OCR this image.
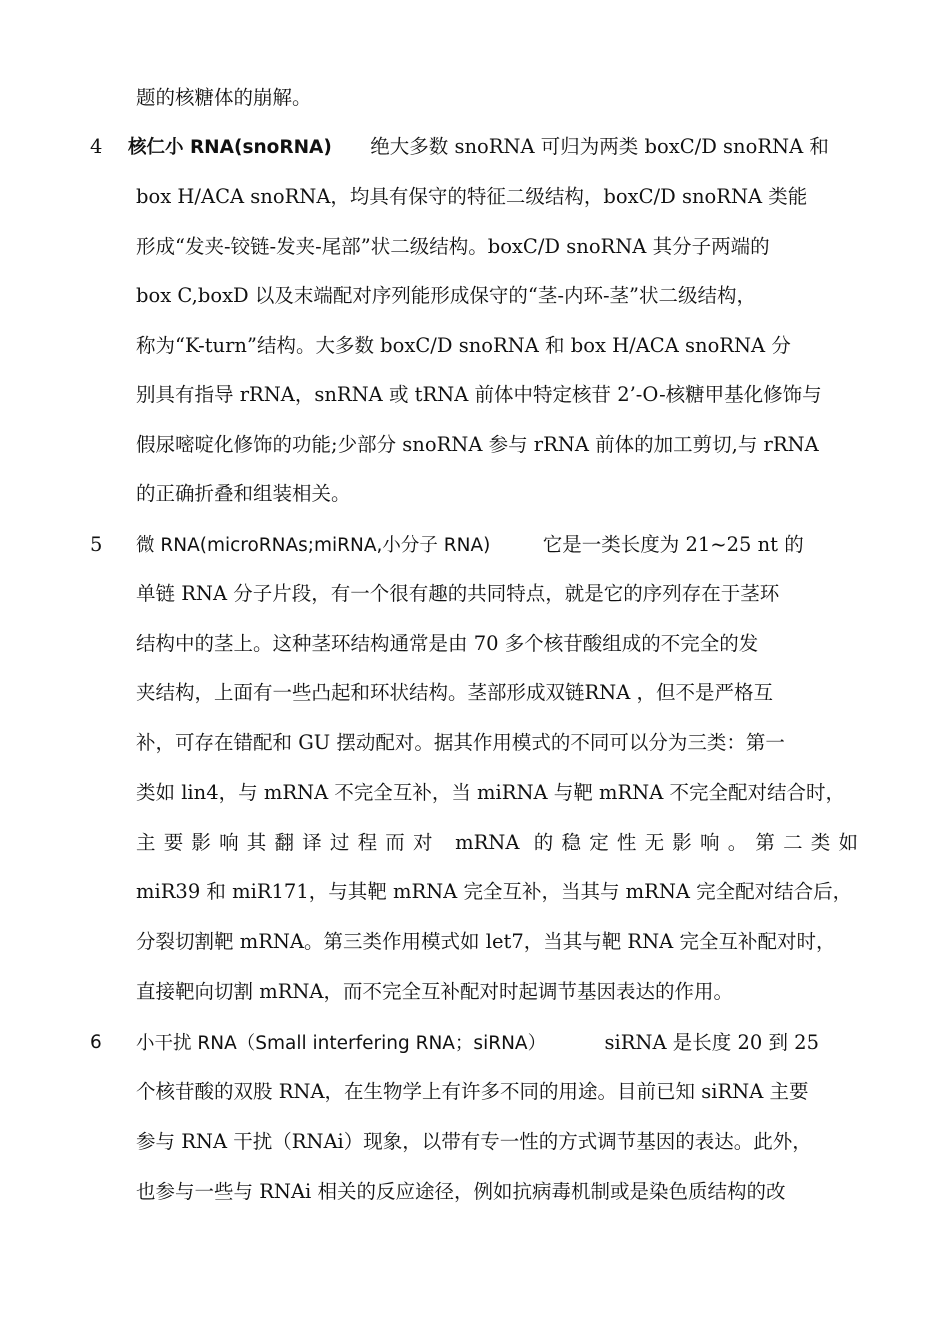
题的核糖体的崩解。
4	核仁小 RNA(snoRNA) 绝大多数 snoRNA 可归为两类 boxC/D snoRNA 和
box H/ACA snoRNA，均具有保守的特征二级结构，boxC/D snoRNA 类能
形成“发夹-铰链-发夹-尾部”状二级结构。boxC/D snoRNA 其分子两端的
box C,boxD 以及末端配对序列能形成保守的“茎-内环-茎”状二级结构，
称为“K-turn”结构。大多数 boxC/D snoRNA 和 box H/ACA snoRNA 分
别具有指导 rRNA，snRNA 或 tRNA 前体中特定核苷 2’-O-核糖甲基化修饰与
假尿嘧啶化修饰的功能;少部分 snoRNA 参与 rRNA 前体的加工剪切,与 rRNA
的正确折叠和组装相关。
5	微 RNA(microRNAs;miRNA,小分子 RNA)	它是一类长度为 21~25 nt 的
单链 RNA 分子片段，有一个很有趣的共同特点，就是它的序列存在于茎环
结构中的茎上。这种茎环结构通常是由 70 多个核苷酸组成的不完全的发
夹结构，上面有一些凸起和环状结构。茎部形成双链RNA ，但不是严格互
补，可存在错配和 GU 摆动配对。据其作用模式的不同可以分为三类：第一
类如 lin4，与 mRNA 不完全互补，当 miRNA 与靶 mRNA 不完全配对结合时，
主要影响其翻译过程而对 mRNA 的稳定性无影响。第二类如
miR39 和 miR171，与其靶 mRNA 完全互补，当其与 mRNA 完全配对结合后，
分裂切割靶 mRNA。第三类作用模式如 let7，当其与靶 RNA 完全互补配对时，
直接靶向切割 mRNA，而不完全互补配对时起调节基因表达的作用。
6	小干扰 RNA（Small interfering RNA；siRNA）	siRNA 是长度 20 到 25
个核苷酸的双股 RNA，在生物学上有许多不同的用途。目前已知 siRNA 主要
参与 RNA 干扰（RNAi）现象，以带有专一性的方式调节基因的表达。此外，
也参与一些与 RNAi 相关的反应途径，例如抗病毒机制或是染色质结构的改
